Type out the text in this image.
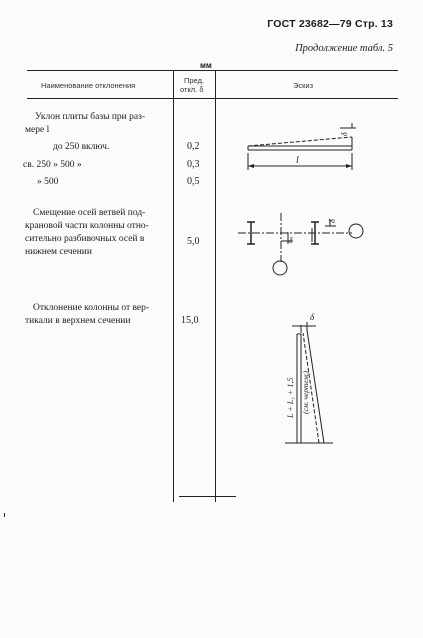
ГОСТ 23682—79 Стр. 13
Продолжение табл. 5
мм
Наименование отклонения
Пред.
откл. δ	Эскиз
Уклон плиты базы при раз-
мере l
до 250 включ.
св. 250 » 500 »
» 500
0,2
0,3
0,5
Смещение осей ветвей под-
крановой части колонны отно-
сительно разбивочных осей в
нижнем сечении
5,0
Отклонение колонны от вер-
тикали в верхнем сечении	15,0
l
δ
δ
δ
δ
L + L₁ + 1,5 (см. чертеж)
